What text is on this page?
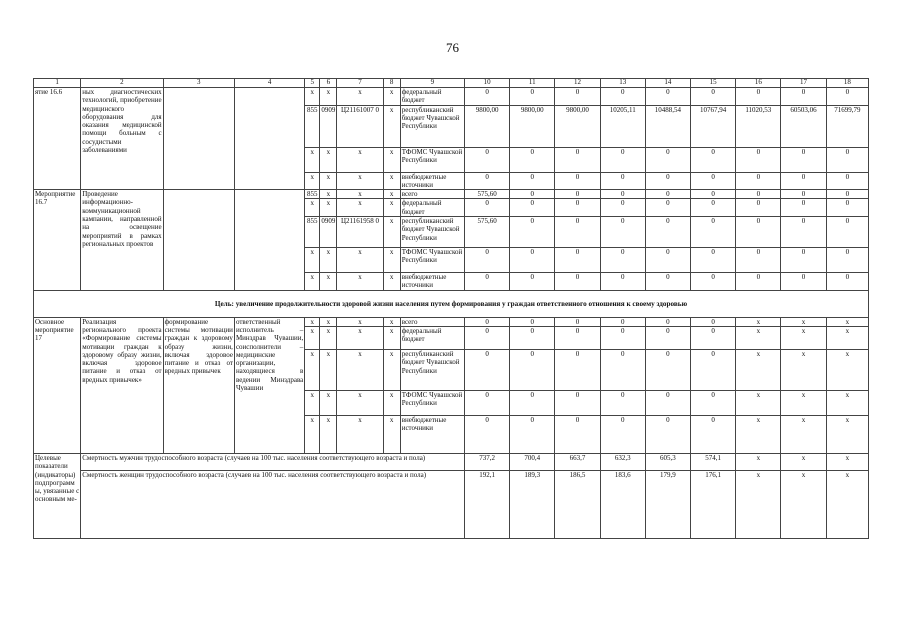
76
1	2	3	4	5	6	7	8	9	10	11	12	13	14	15	16	17	18
ятие 16.6	ных диагностических технологий, приобретение медицинского оборудования для оказания медицинской помощи больным с сосудистыми заболеваниями			x	x	x	x	федеральный бюджет	0	0	0	0	0	0	0	0	0
				855	0909	Ц21161007 0	x	республиканский бюджет Чувашской Республики	9800,00	9800,00	9800,00	10205,11	10488,54	10767,94	11020,53	60503,06	71699,79
				x	x	x	x	ТФОМС Чувашской Республики	0	0	0	0	0	0	0	0	0
				x	x	x	x	внебюджетные источники	0	0	0	0	0	0	0	0	0
Мероприятие 16.7	Проведение информационно-коммуникационной кампании, направленной на освещение мероприятий в рамках региональных проектов			855	x	x	x	всего	575,60	0	0	0	0	0	0	0	0
				x	x	x	x	федеральный бюджет	0	0	0	0	0	0	0	0	0
				855	0909	Ц21161958 0	x	республиканский бюджет Чувашской Республики	575,60	0	0	0	0	0	0	0	0
				x	x	x	x	ТФОМС Чувашской Республики	0	0	0	0	0	0	0	0	0
				x	x	x	x	внебюджетные источники	0	0	0	0	0	0	0	0	0
Цель: увеличение продолжительности здоровой жизни населения путем формирования у граждан ответственного отношения к своему здоровью																	
Основное мероприятие 17	Реализация регионального проекта «Формирование системы мотивации граждан к здоровому образу жизни, включая здоровое питание и отказ от вредных привычек»	формирование системы мотивации граждан к здоровому образу жизни, включая здоровое питание и отказ от вредных привычек	ответственный исполнитель – Минздрав Чувашии, соисполнители – медицинские организации, находящиеся в ведении Минздрава Чувашии	x	x	x	x	всего	0	0	0	0	0	0	x	x	x
				x	x	x	x	федеральный бюджет	0	0	0	0	0	0	x	x	x
				x	x	x	x	республиканский бюджет Чувашской Республики	0	0	0	0	0	0	x	x	x
				x	x	x	x	ТФОМС Чувашской Республики	0	0	0	0	0	0	x	x	x
				x	x	x	x	внебюджетные источники	0	0	0	0	0	0	x	x	x
Целевые показатели (индикаторы) подпрограммы, увязанные с основным ме-	Смертность мужчин трудоспособного возраста (случаев на 100 тыс. населения соответствующего возраста и пола)								737,2	700,4	663,7	632,3	605,3	574,1	x	x	x
	Смертность женщин трудоспособного возраста (случаев на 100 тыс. населения соответствующего возраста и пола)								192,1	189,3	186,5	183,6	179,9	176,1	x	x	x
